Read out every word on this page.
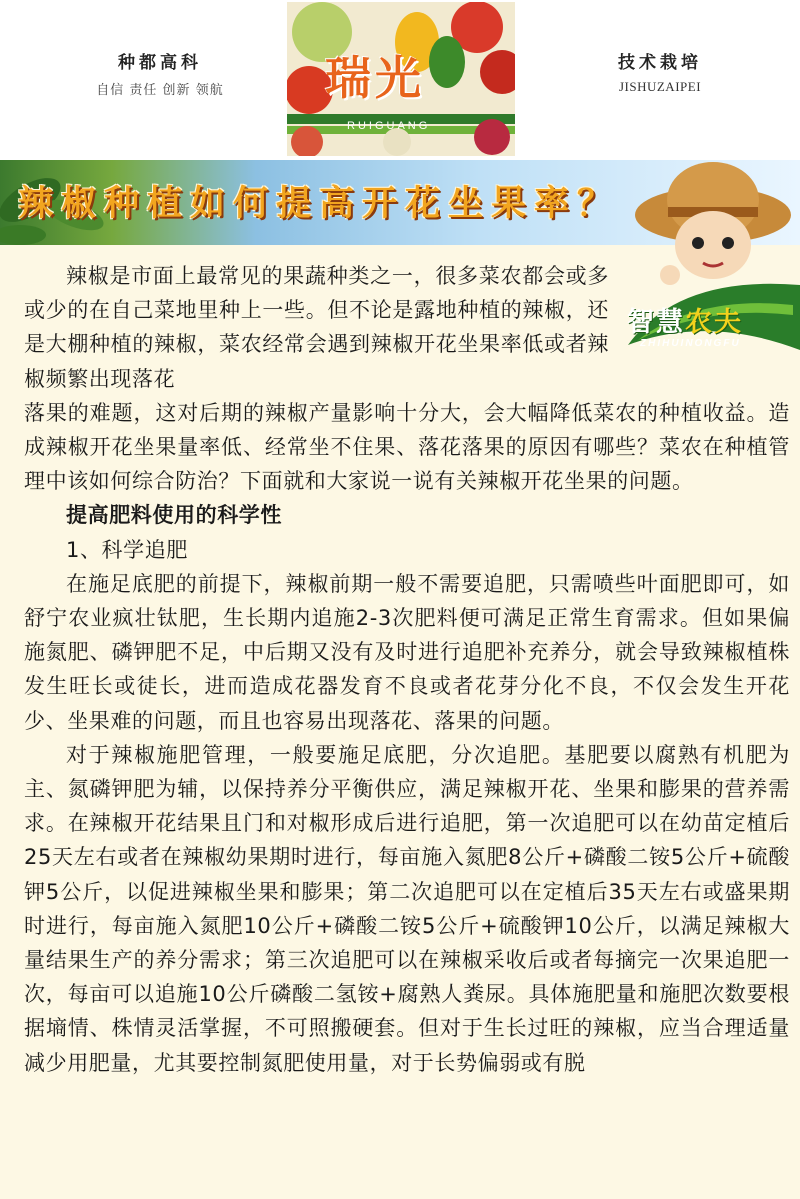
种都高科
自信 责任 创新 领航	瑞光
RUIGUANG
技术栽培
JISHUZAIPEI
辣椒种植如何提高开花坐果率？
智慧农夫
ZHIHUINONGFU

辣椒是市面上最常见的果蔬种类之一，很多菜农都会或多或少的在自己菜地里种上一些。但不论是露地种植的辣椒，还是大棚种植的辣椒，菜农经常会遇到辣椒开花坐果率低或者辣椒频繁出现落花

落果的难题，这对后期的辣椒产量影响十分大，会大幅降低菜农的种植收益。造成辣椒开花坐果量率低、经常坐不住果、落花落果的原因有哪些？菜农在种植管理中该如何综合防治？下面就和大家说一说有关辣椒开花坐果的问题。

提高肥料使用的科学性

1、科学追肥

在施足底肥的前提下，辣椒前期一般不需要追肥，只需喷些叶面肥即可，如舒宁农业疯壮钛肥，生长期内追施2-3次肥料便可满足正常生育需求。但如果偏施氮肥、磷钾肥不足，中后期又没有及时进行追肥补充养分，就会导致辣椒植株发生旺长或徒长，进而造成花器发育不良或者花芽分化不良，不仅会发生开花少、坐果难的问题，而且也容易出现落花、落果的问题。

对于辣椒施肥管理，一般要施足底肥，分次追肥。基肥要以腐熟有机肥为主、氮磷钾肥为辅，以保持养分平衡供应，满足辣椒开花、坐果和膨果的营养需求。在辣椒开花结果且门和对椒形成后进行追肥，第一次追肥可以在幼苗定植后25天左右或者在辣椒幼果期时进行，每亩施入氮肥8公斤+磷酸二铵5公斤+硫酸钾5公斤，以促进辣椒坐果和膨果；第二次追肥可以在定植后35天左右或盛果期时进行，每亩施入氮肥10公斤+磷酸二铵5公斤+硫酸钾10公斤，以满足辣椒大量结果生产的养分需求；第三次追肥可以在辣椒采收后或者每摘完一次果追肥一次，每亩可以追施10公斤磷酸二氢铵+腐熟人粪尿。具体施肥量和施肥次数要根据墒情、株情灵活掌握，不可照搬硬套。但对于生长过旺的辣椒，应当合理适量减少用肥量，尤其要控制氮肥使用量，对于长势偏弱或有脱
